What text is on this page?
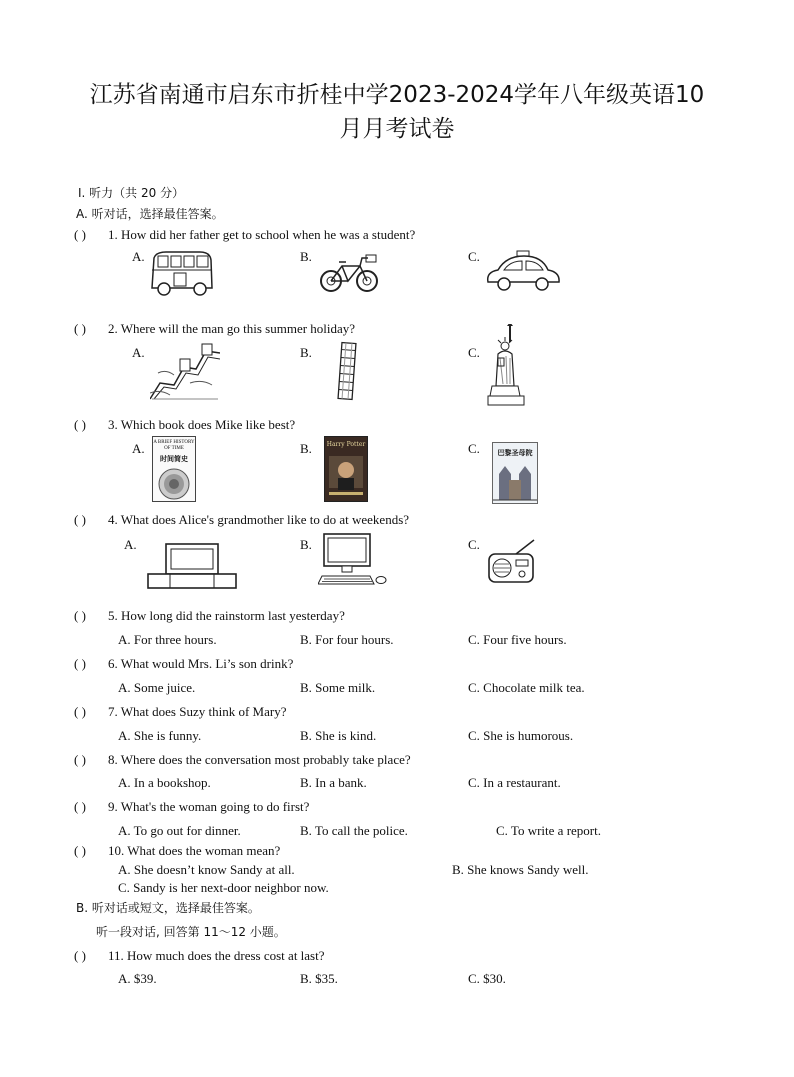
江苏省南通市启东市折桂中学2023-2024学年八年级英语10
月月考试卷
Ⅰ. 听力（共 20 分）
A. 听对话，选择最佳答案。
( ) 1. How did her father get to school when he was a student?
A.	B.	C.
( ) 2. Where will the man go this summer holiday?
A.	B.	C.
( ) 3. Which book does Mike like best?
A.	B.	C.
A BRIEF HISTORY OF TIME
时间简史
Harry Potter
巴黎圣母院
( ) 4. What does Alice's grandmother like to do at weekends?
A.	B.	C.
( ) 5. How long did the rainstorm last yesterday?
A. For three hours.	B. For four hours.	C. Four five hours.
( ) 6. What would Mrs. Li’s son drink?
A. Some juice.	B. Some milk.	C. Chocolate milk tea.
( ) 7. What does Suzy think of Mary?
A. She is funny.	B. She is kind.	C. She is humorous.
( ) 8. Where does the conversation most probably take place?
A. In a bookshop.	B. In a bank.	C. In a restaurant.
( ) 9. What's the woman going to do first?
A. To go out for dinner.	B. To call the police.	C. To write a report.
( ) 10. What does the woman mean?
A. She doesn’t know Sandy at all.	B. She knows Sandy well.
C. Sandy is her next-door neighbor now.
B. 听对话或短文，选择最佳答案。
听一段对话, 回答第 11～12 小题。
( ) 11. How much does the dress cost at last?
A. $39.	B. $35.	C. $30.
